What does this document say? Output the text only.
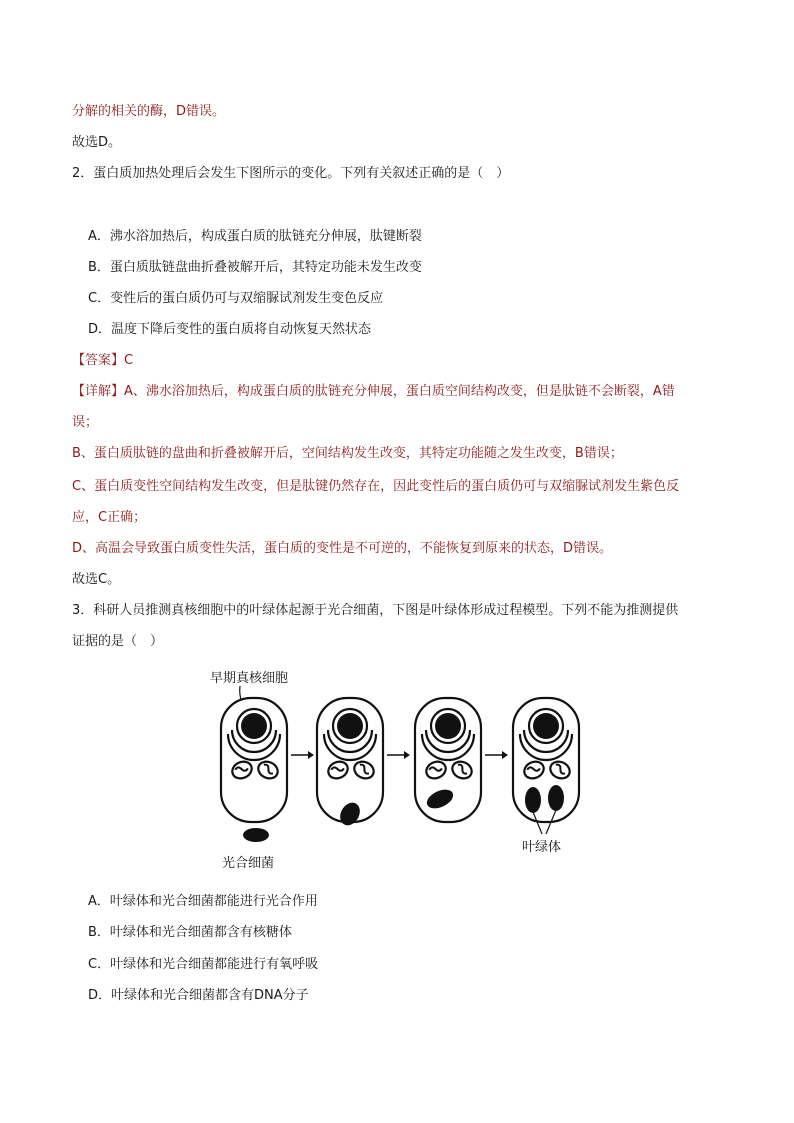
分解的相关的酶，D错误。
故选D。
2．蛋白质加热处理后会发生下图所示的变化。下列有关叙述正确的是（　）
A．沸水浴加热后，构成蛋白质的肽链充分伸展，肽键断裂
B．蛋白质肽链盘曲折叠被解开后，其特定功能未发生改变
C．变性后的蛋白质仍可与双缩脲试剂发生变色反应
D．温度下降后变性的蛋白质将自动恢复天然状态
【答案】C
【详解】A、沸水浴加热后，构成蛋白质的肽链充分伸展，蛋白质空间结构改变，但是肽链不会断裂，A错
误；
B、蛋白质肽链的盘曲和折叠被解开后，空间结构发生改变，其特定功能随之发生改变，B错误；
C、蛋白质变性空间结构发生改变，但是肽键仍然存在，因此变性后的蛋白质仍可与双缩脲试剂发生紫色反
应，C正确；
D、高温会导致蛋白质变性失活，蛋白质的变性是不可逆的，不能恢复到原来的状态，D错误。
故选C。
3．科研人员推测真核细胞中的叶绿体起源于光合细菌，下图是叶绿体形成过程模型。下列不能为推测提供
证据的是（　）
早期真核细胞
光合细菌
叶绿体
A．叶绿体和光合细菌都能进行光合作用
B．叶绿体和光合细菌都含有核糖体
C．叶绿体和光合细菌都能进行有氧呼吸
D．叶绿体和光合细菌都含有DNA分子
